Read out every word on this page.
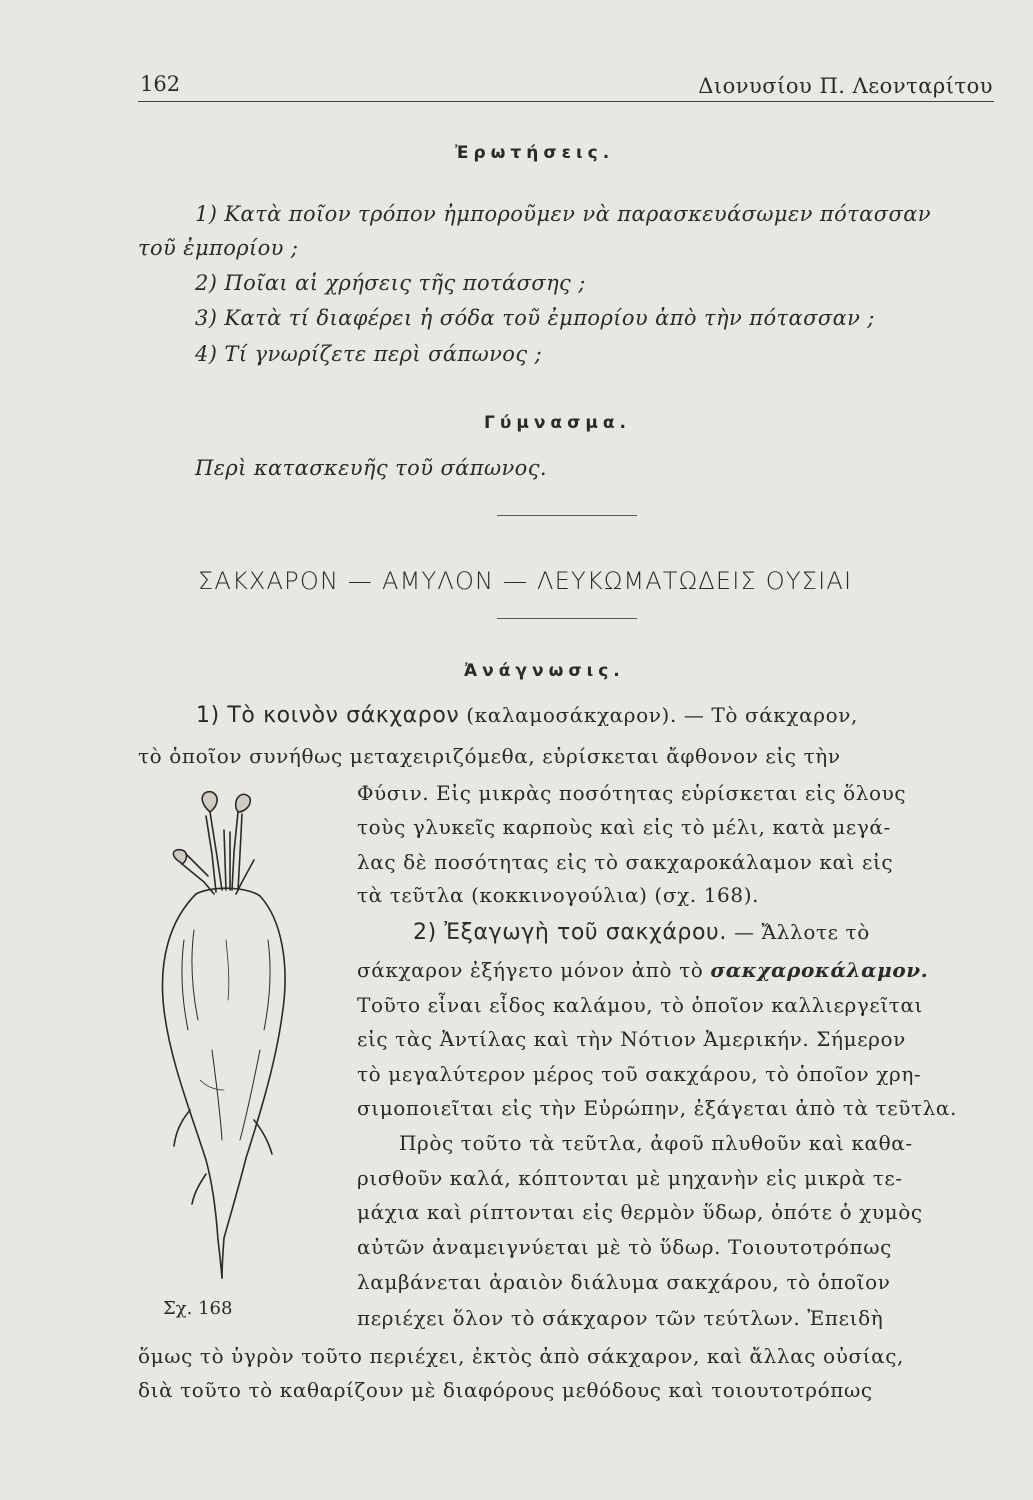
162	Διονυσίου Π. Λεονταρίτου
Ἐρωτήσεις.
1) Κατὰ ποῖον τρόπον ἠμποροῦμεν νὰ παρασκευάσωμεν πότασσαν
τοῦ ἐμπορίου ;
2) Ποῖαι αἱ χρήσεις τῆς ποτάσσης ;
3) Κατὰ τί διαφέρει ἡ σόδα τοῦ ἐμπορίου ἀπὸ τὴν πότασσαν ;
4) Τί γνωρίζετε περὶ σάπωνος ;
Γύμνασμα.
Περὶ κατασκευῆς τοῦ σάπωνος.
ΣΑΚΧΑΡΟΝ — ΑΜΥΛΟΝ — ΛΕΥΚΩΜΑΤΩΔΕΙΣ ΟΥΣΙΑΙ
Ἀνάγνωσις.
1) Τὸ κοινὸν σάκχαρον (καλαμοσάκχαρον). — Τὸ σάκχαρον,
τὸ ὁποῖον συνήθως μεταχειριζόμεθα, εὑρίσκεται ἄφθονον εἰς τὴν
Φύσιν. Εἰς μικρὰς ποσότητας εὑρίσκεται εἰς ὅλους
τοὺς γλυκεῖς καρποὺς καὶ εἰς τὸ μέλι, κατὰ μεγά-
λας δὲ ποσότητας εἰς τὸ σακχαροκάλαμον καὶ εἰς
τὰ τεῦτλα (κοκκινογούλια) (σχ. 168).
2) Ἐξαγωγὴ τοῦ σακχάρου. — Ἄλλοτε τὸ
σάκχαρον ἐξήγετο μόνον ἀπὸ τὸ σακχαροκάλαμον.
Τοῦτο εἶναι εἶδος καλάμου, τὸ ὁποῖον καλλιεργεῖται
εἰς τὰς Ἀντίλας καὶ τὴν Νότιον Ἀμερικήν. Σήμερον
τὸ μεγαλύτερον μέρος τοῦ σακχάρου, τὸ ὁποῖον χρη-
σιμοποιεῖται εἰς τὴν Εὐρώπην, ἐξάγεται ἀπὸ τὰ τεῦτλα.
Πρὸς τοῦτο τὰ τεῦτλα, ἀφοῦ πλυθοῦν καὶ καθα-
ρισθοῦν καλά, κόπτονται μὲ μηχανὴν εἰς μικρὰ τε-
μάχια καὶ ρίπτονται εἰς θερμὸν ὕδωρ, ὁπότε ὁ χυμὸς
αὐτῶν ἀναμειγνύεται μὲ τὸ ὕδωρ. Τοιουτοτρόπως
λαμβάνεται ἀραιὸν διάλυμα σακχάρου, τὸ ὁποῖον
περιέχει ὅλον τὸ σάκχαρον τῶν τεύτλων. Ἐπειδὴ
ὅμως τὸ ὑγρὸν τοῦτο περιέχει, ἐκτὸς ἀπὸ σάκχαρον, καὶ ἄλλας οὐσίας,
διὰ τοῦτο τὸ καθαρίζουν μὲ διαφόρους μεθόδους καὶ τοιουτοτρόπως
Σχ. 168
